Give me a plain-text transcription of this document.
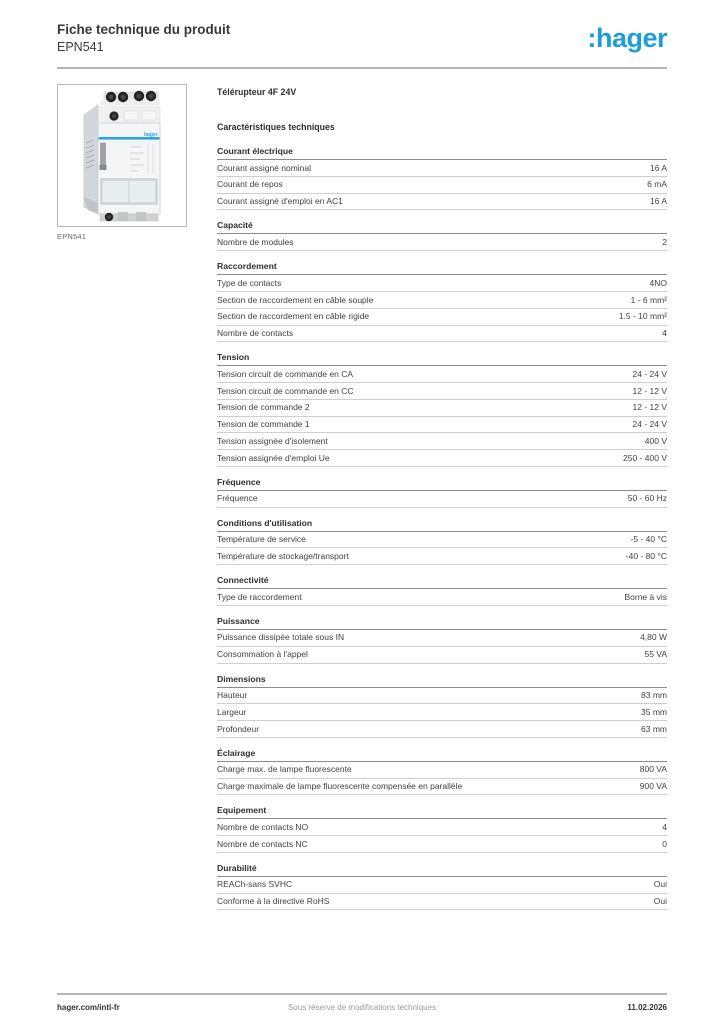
Fiche technique du produit
EPN541	:hager
hager
EPN541
Télérupteur 4F 24V
Caractéristiques techniques
Courant électrique
Courant assigné nominal	16 A
Courant de repos	6 mA
Courant assigné d'emploi en AC1	16 A
Capacité
Nombre de modules	2
Raccordement
Type de contacts	4NO
Section de raccordement en câble souple	1 - 6 mm²
Section de raccordement en câble rigide	1.5 - 10 mm²
Nombre de contacts	4
Tension
Tension circuit de commande en CA	24 - 24 V
Tension circuit de commande en CC	12 - 12 V
Tension de commande 2	12 - 12 V
Tension de commande 1	24 - 24 V
Tension assignée d'isolement	400 V
Tension assignée d'emploi Ue	250 - 400 V
Fréquence
Fréquence	50 - 60 Hz
Conditions d'utilisation
Température de service	-5 - 40 °C
Température de stockage/transport	-40 - 80 °C
Connectivité
Type de raccordement	Borne à vis
Puissance
Puissance dissipée totale sous IN	4,80 W
Consommation à l'appel	55 VA
Dimensions
Hauteur	83 mm
Largeur	35 mm
Profondeur	63 mm
Éclairage
Charge max. de lampe fluorescente	800 VA
Charge maximale de lampe fluorescente compensée en parallèle	900 VA
Equipement
Nombre de contacts NO	4
Nombre de contacts NC	0
Durabilité
REACh-sans SVHC	Oui
Conforme à la directive RoHS	Oui
hager.com/intl-fr	Sous réserve de modifications techniques	11.02.2026
